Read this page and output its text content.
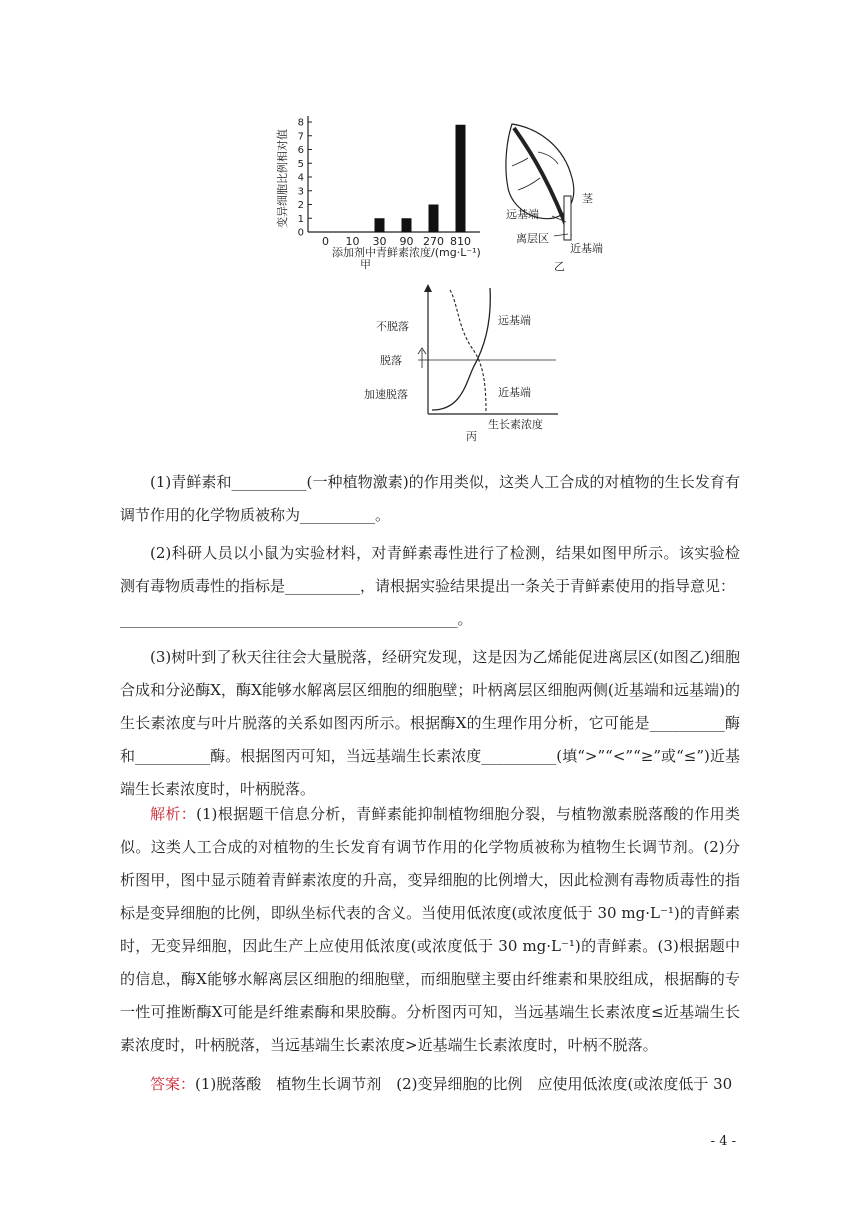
0
1
2
3
4
5
6
7
8
0 10 30 90 270 810
变异细胞比例相对值
添加剂中青鲜素浓度/(mg·L⁻¹)
甲
茎
远基端
离层区
近基端
乙
不脱落
脱落
加速脱落
远基端
近基端
生长素浓度
丙

(1)青鲜素和__________(一种植物激素)的作用类似，这类人工合成的对植物的生长发育有调节作用的化学物质被称为__________。

(2)科研人员以小鼠为实验材料，对青鲜素毒性进行了检测，结果如图甲所示。该实验检测有毒物质毒性的指标是__________，请根据实验结果提出一条关于青鲜素使用的指导意见：

_____________________________________________。

(3)树叶到了秋天往往会大量脱落，经研究发现，这是因为乙烯能促进离层区(如图乙)细胞合成和分泌酶X，酶X能够水解离层区细胞的细胞壁；叶柄离层区细胞两侧(近基端和远基端)的生长素浓度与叶片脱落的关系如图丙所示。根据酶X的生理作用分析，它可能是__________酶和__________酶。根据图丙可知，当远基端生长素浓度__________(填“>”“<”“≥”或“≤”)近基端生长素浓度时，叶柄脱落。

解析：(1)根据题干信息分析，青鲜素能抑制植物细胞分裂，与植物激素脱落酸的作用类似。这类人工合成的对植物的生长发育有调节作用的化学物质被称为植物生长调节剂。(2)分析图甲，图中显示随着青鲜素浓度的升高，变异细胞的比例增大，因此检测有毒物质毒性的指标是变异细胞的比例，即纵坐标代表的含义。当使用低浓度(或浓度低于 30 mg·L⁻¹)的青鲜素时，无变异细胞，因此生产上应使用低浓度(或浓度低于 30 mg·L⁻¹)的青鲜素。(3)根据题中的信息，酶X能够水解离层区细胞的细胞壁，而细胞壁主要由纤维素和果胶组成，根据酶的专一性可推断酶X可能是纤维素酶和果胶酶。分析图丙可知，当远基端生长素浓度≤近基端生长素浓度时，叶柄脱落，当远基端生长素浓度>近基端生长素浓度时，叶柄不脱落。

答案：(1)脱落酸　植物生长调节剂　(2)变异细胞的比例　应使用低浓度(或浓度低于 30

- 4 -
